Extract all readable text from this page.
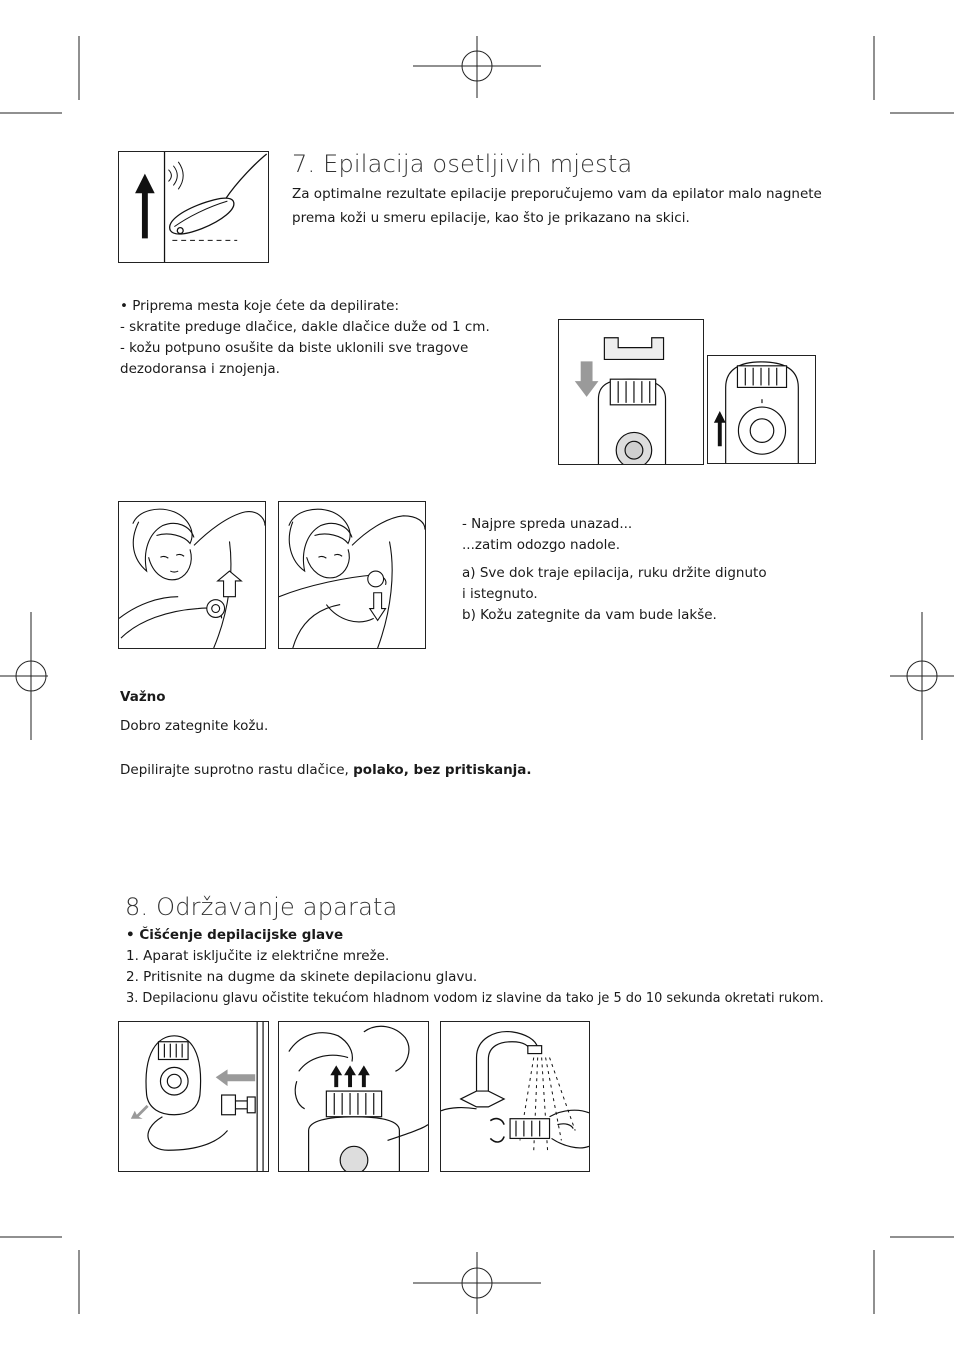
7. Epilacija osetljivih mjesta
Za optimalne rezultate epilacije preporučujemo vam da epilator malo nagnete
prema koži u smeru epilacije, kao što je prikazano na skici.
• Priprema mesta koje ćete da depilirate:
- skratite preduge dlačice, dakle dlačice duže od 1 cm.
- kožu potpuno osušite da biste uklonili sve tragove
dezodoransa i znojenja.
- Najpre spreda unazad...
...zatim odozgo nadole.
a) Sve dok traje epilacija, ruku držite dignuto
i istegnuto.
b) Kožu zategnite da vam bude lakše.
Važno
Dobro zategnite kožu.
Depilirajte suprotno rastu dlačice, polako, bez pritiskanja.
8. Održavanje aparata
• Čišćenje depilacijske glave
1. Aparat isključite iz električne mreže.
2. Pritisnite na dugme da skinete depilacionu glavu.
3. Depilacionu glavu očistite tekućom hladnom vodom iz slavine da tako je 5 do 10 sekunda okretati rukom.
